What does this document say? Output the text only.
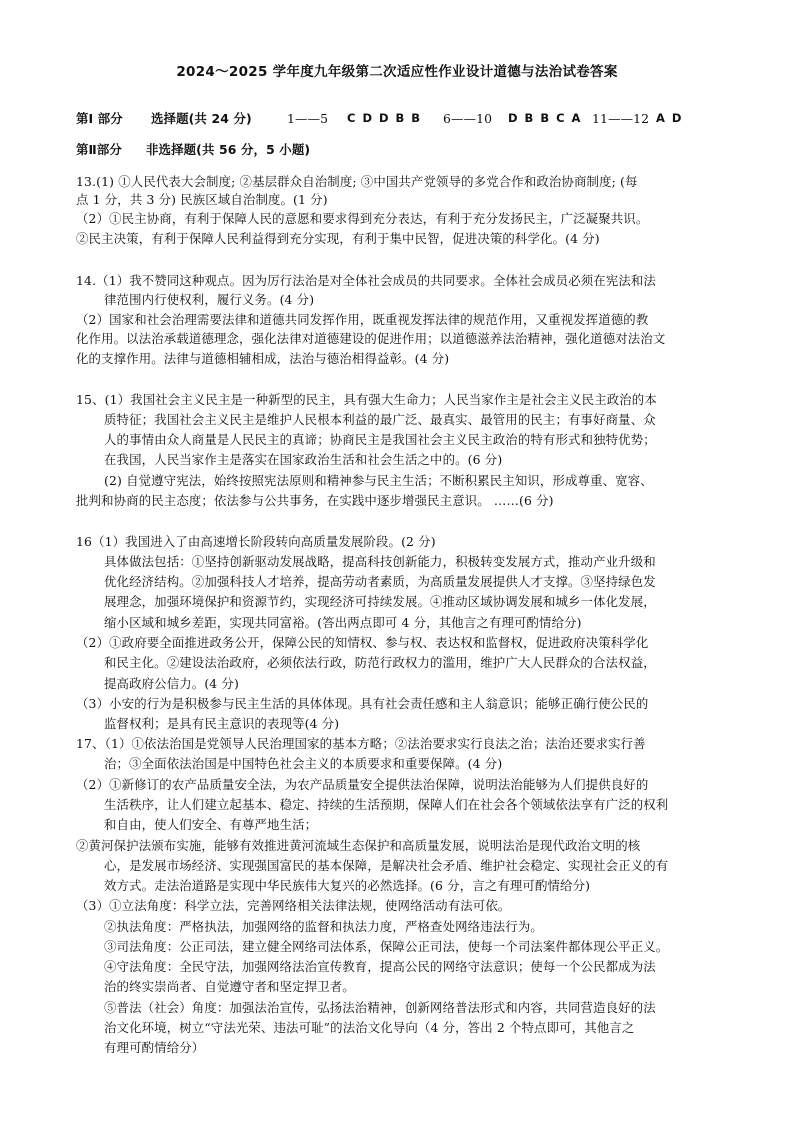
2024～2025 学年度九年级第二次适应性作业设计道德与法治试卷答案
第Ⅰ 部分 选择题(共 24 分)	1——5 C D D B B 6——10 D B B C A 11——12 A D
第Ⅱ部分 非选择题(共 56 分，5 小题)
13.(1) ①人民代表大会制度; ②基层群众自治制度; ③中国共产党领导的多党合作和政治协商制度; (每
点 1 分，共 3 分) 民族区域自治制度。(1 分)
（2）①民主协商，有利于保障人民的意愿和要求得到充分表达，有利于充分发扬民主，广泛凝聚共识。
②民主决策，有利于保障人民利益得到充分实现，有利于集中民智，促进决策的科学化。(4 分)
14.（1）我不赞同这种观点。因为厉行法治是对全体社会成员的共同要求。全体社会成员必须在宪法和法
律范围内行使权利，履行义务。(4 分)
（2）国家和社会治理需要法律和道德共同发挥作用，既重视发挥法律的规范作用，又重视发挥道德的教
化作用。以法治承载道德理念，强化法律对道德建设的促进作用；以道德滋养法治精神，强化道德对法治文
化的支撑作用。法律与道德相辅相成，法治与德治相得益彰。(4 分)
15、(1）我国社会主义民主是一种新型的民主，具有强大生命力；人民当家作主是社会主义民主政治的本
质特征；我国社会主义民主是维护人民根本利益的最广泛、最真实、最管用的民主；有事好商量、众
人的事情由众人商量是人民民主的真谛；协商民主是我国社会主义民主政治的特有形式和独特优势；
在我国，人民当家作主是落实在国家政治生活和社会生活之中的。(6 分)
(2) 自觉遵守宪法，始终按照宪法原则和精神参与民主生活；不断积累民主知识，形成尊重、宽容、
批判和协商的民主态度；依法参与公共事务，在实践中逐步增强民主意识。 ……(6 分)
16（1）我国进入了由高速增长阶段转向高质量发展阶段。(2 分)
具体做法包括：①坚持创新驱动发展战略，提高科技创新能力，积极转变发展方式，推动产业升级和
优化经济结构。②加强科技人才培养，提高劳动者素质，为高质量发展提供人才支撑。③坚持绿色发
展理念，加强环境保护和资源节约，实现经济可持续发展。④推动区域协调发展和城乡一体化发展，
缩小区域和城乡差距，实现共同富裕。(答出两点即可 4 分，其他言之有理可酌情给分)
（2）①政府要全面推进政务公开，保障公民的知情权、参与权、表达权和监督权，促进政府决策科学化
和民主化。②建设法治政府，必须依法行政，防范行政权力的滥用，维护广大人民群众的合法权益，
提高政府公信力。(4 分)
（3）小安的行为是积极参与民主生活的具体体现。具有社会责任感和主人翁意识；能够正确行使公民的
监督权利；是具有民主意识的表现等(4 分)
17、（1）①依法治国是党领导人民治理国家的基本方略；②法治要求实行良法之治；法治还要求实行善
治；③全面依法治国是中国特色社会主义的本质要求和重要保障。(4 分)
（2）①新修订的农产品质量安全法，为农产品质量安全提供法治保障，说明法治能够为人们提供良好的
生活秩序，让人们建立起基本、稳定、持续的生活预期，保障人们在社会各个领域依法享有广泛的权利
和自由，使人们安全、有尊严地生活；
②黄河保护法颁布实施，能够有效推进黄河流域生态保护和高质量发展，说明法治是现代政治文明的核
心，是发展市场经济、实现强国富民的基本保障，是解决社会矛盾、维护社会稳定、实现社会正义的有
效方式。走法治道路是实现中华民族伟大复兴的必然选择。(6 分，言之有理可酌情给分)
（3）①立法角度：科学立法，完善网络相关法律法规，使网络活动有法可依。
②执法角度：严格执法，加强网络的监督和执法力度，严格查处网络违法行为。
③司法角度：公正司法，建立健全网络司法体系，保障公正司法，使每一个司法案件都体现公平正义。
④守法角度：全民守法，加强网络法治宣传教育，提高公民的网络守法意识；使每一个公民都成为法
治的终实崇尚者、自觉遵守者和坚定捍卫者。
⑤普法（社会）角度：加强法治宣传，弘扬法治精神，创新网络普法形式和内容，共同营造良好的法
治文化环境，树立“守法光荣、违法可耻”的法治文化导向（4 分，答出 2 个特点即可，其他言之
有理可酌情给分）
